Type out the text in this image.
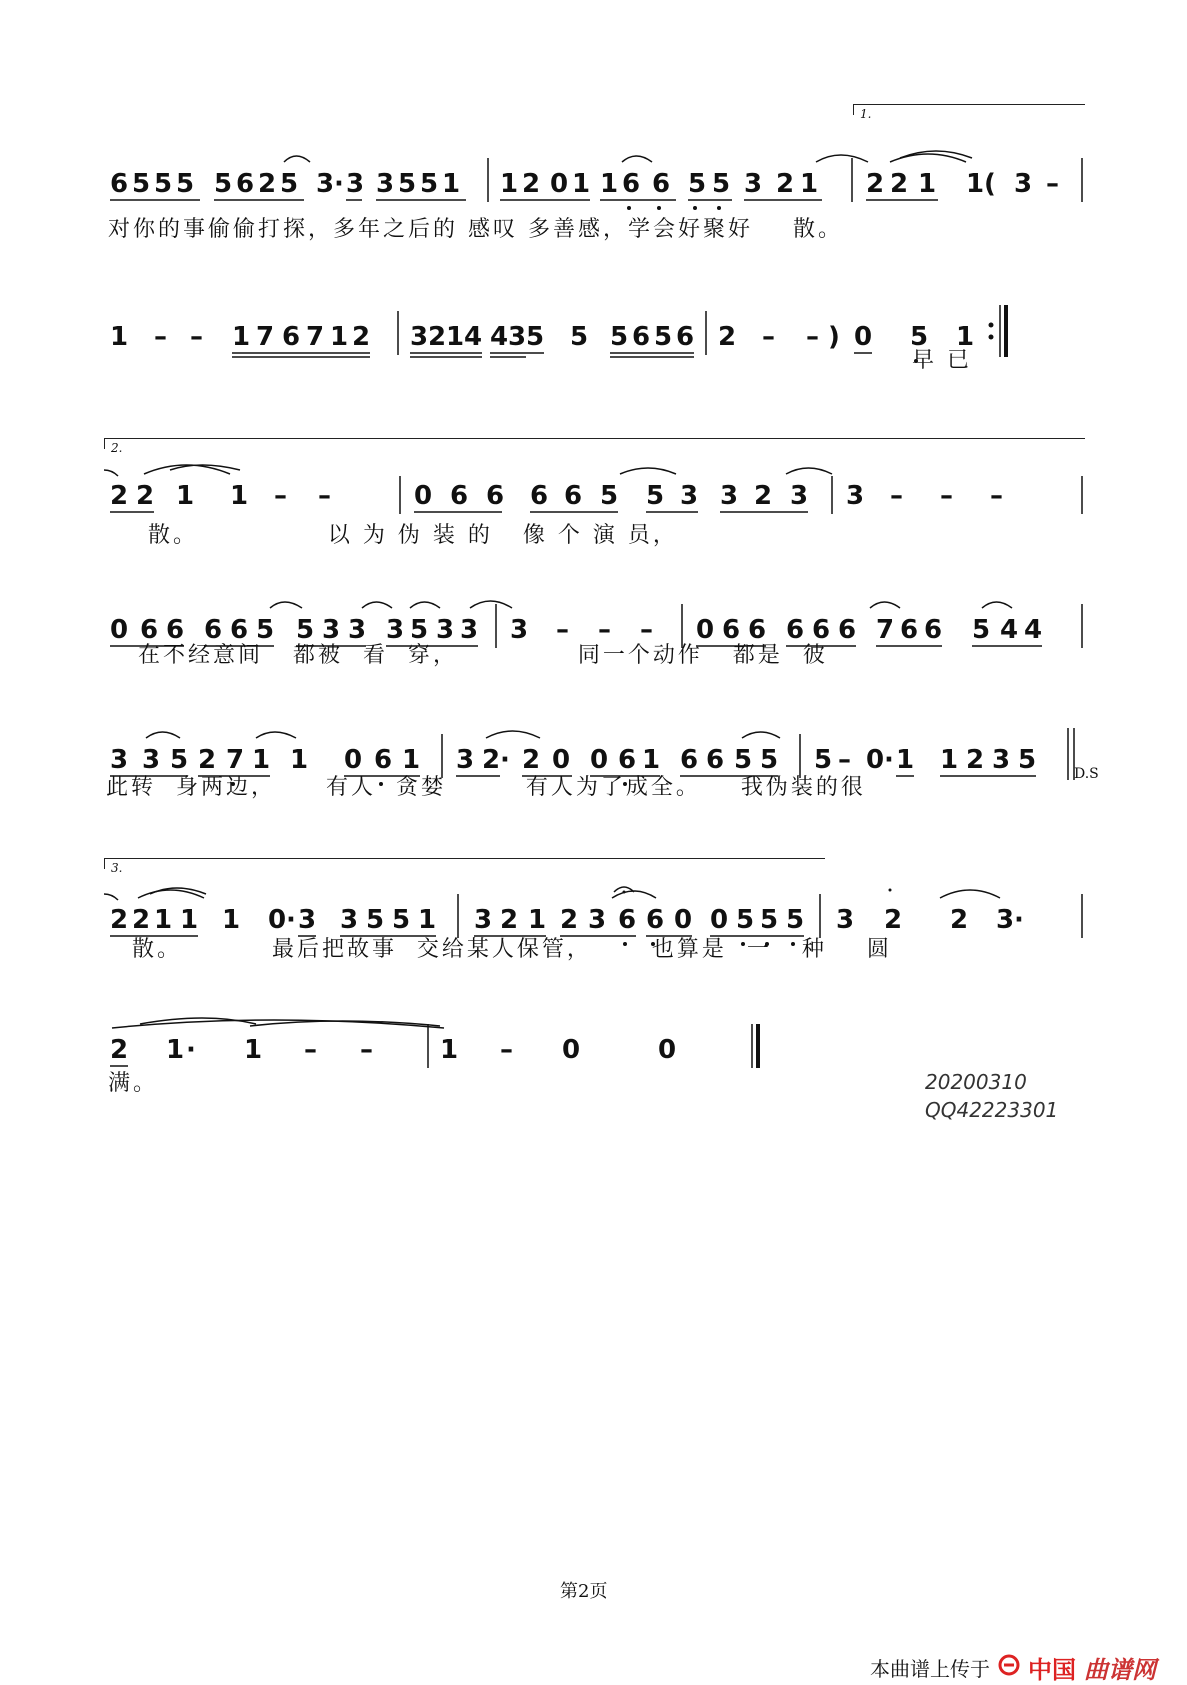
1.
6 5 5 5 5 6 2 5 3 · 3 3 5 5 1 1 2 0 1 1 6 6 5 5 3 2 1 2 2 1 1 ( 3 –
对你的事偷偷打探，多年之后的 感叹 多善感，学会好聚好    散。
1 – – 1 7 6 7 1 2 3 2 1 4 4 3 5 5 5 6 5 6 2 – – ) 0 5 1
早 已
2.
2 2 1 1 – –	0 6 6 6 6 5 5 3 3 2 3 3 – – –
散。             以 为 伪 装 的   像 个 演 员，
0 6 6 6 6 5 5 3 3 3 5 3 3 3 – – – 0 6 6 6 6 6 7 6 6 5 4 4
在不经意间   都被  看  穿，            同一个动作   都是  彼
3 3 5 2 7 1 1 0 6 1 3 2 · 2 0 0 6 1 6 6 5 5 5 – 0 · 1 1 2 3 5
此转  身两边，     有人  贪婪        有人为了成全。    我伪装的很
D.S
3.
2 2 1 1 1 0 · 3 3 5 5 1 3 2 1 2 3 6 6 0 0 5 5 5 3 2 2 3 ·
散。         最后把故事  交给某人保管，      也算是  一   种    圆
2 1 · 1 – –	1 – 0	0
满。	20200310
QQ42223301
第2页
本曲谱上传于 中国 曲谱网
